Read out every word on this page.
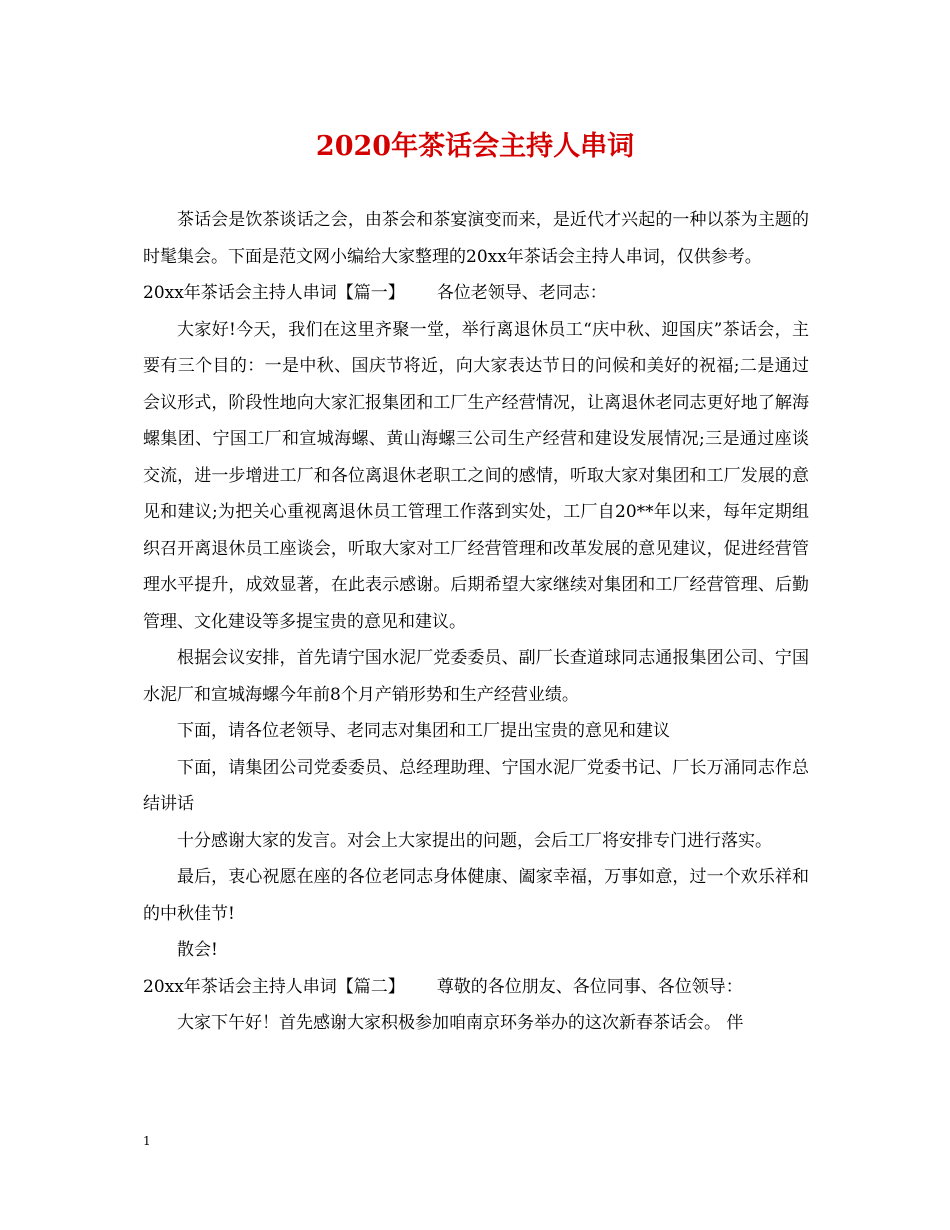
2020年茶话会主持人串词

茶话会是饮茶谈话之会，由茶会和茶宴演变而来，是近代才兴起的一种以茶为主题的时髦集会。下面是范文网小编给大家整理的20xx年茶话会主持人串词，仅供参考。

20xx年茶话会主持人串词【篇一】 各位老领导、老同志：

大家好!今天，我们在这里齐聚一堂，举行离退休员工“庆中秋、迎国庆”茶话会，主要有三个目的：一是中秋、国庆节将近，向大家表达节日的问候和美好的祝福;二是通过会议形式，阶段性地向大家汇报集团和工厂生产经营情况，让离退休老同志更好地了解海螺集团、宁国工厂和宣城海螺、黄山海螺三公司生产经营和建设发展情况;三是通过座谈交流，进一步增进工厂和各位离退休老职工之间的感情，听取大家对集团和工厂发展的意见和建议;为把关心重视离退休员工管理工作落到实处，工厂自20**年以来，每年定期组织召开离退休员工座谈会，听取大家对工厂经营管理和改革发展的意见建议，促进经营管理水平提升，成效显著，在此表示感谢。后期希望大家继续对集团和工厂经营管理、后勤管理、文化建设等多提宝贵的意见和建议。

根据会议安排，首先请宁国水泥厂党委委员、副厂长查道球同志通报集团公司、宁国水泥厂和宣城海螺今年前8个月产销形势和生产经营业绩。

下面，请各位老领导、老同志对集团和工厂提出宝贵的意见和建议

下面，请集团公司党委委员、总经理助理、宁国水泥厂党委书记、厂长万涌同志作总结讲话

十分感谢大家的发言。对会上大家提出的问题，会后工厂将安排专门进行落实。

最后，衷心祝愿在座的各位老同志身体健康、阖家幸福，万事如意，过一个欢乐祥和的中秋佳节!

散会!

20xx年茶话会主持人串词【篇二】 尊敬的各位朋友、各位同事、各位领导：

大家下午好！首先感谢大家积极参加咱南京环务举办的这次新春茶话会。 伴

1
